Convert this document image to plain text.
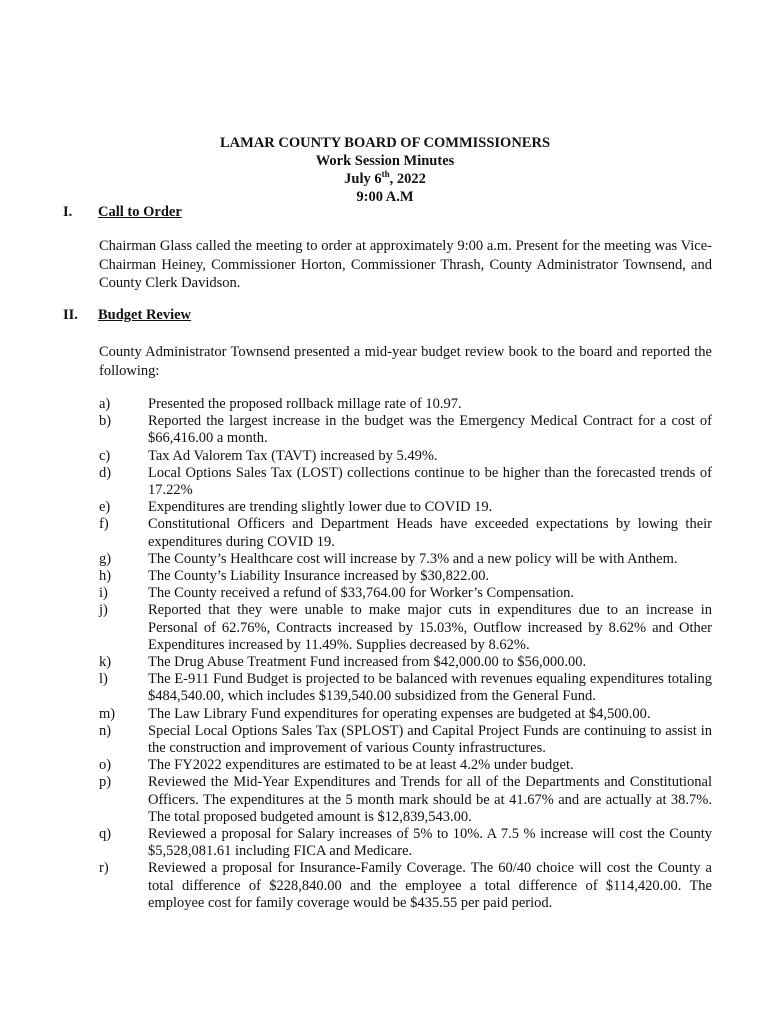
LAMAR COUNTY BOARD OF COMMISSIONERS
Work Session Minutes
July 6th, 2022
9:00 A.M
I. Call to Order
Chairman Glass called the meeting to order at approximately 9:00 a.m. Present for the meeting was Vice-Chairman Heiney, Commissioner Horton, Commissioner Thrash, County Administrator Townsend, and County Clerk Davidson.
II. Budget Review
County Administrator Townsend presented a mid-year budget review book to the board and reported the following:
a)	Presented the proposed rollback millage rate of 10.97.
b)	Reported the largest increase in the budget was the Emergency Medical Contract for a cost of $66,416.00 a month.
c)	Tax Ad Valorem Tax (TAVT) increased by 5.49%.
d)	Local Options Sales Tax (LOST) collections continue to be higher than the forecasted trends of 17.22%
e)	Expenditures are trending slightly lower due to COVID 19.
f)	Constitutional Officers and Department Heads have exceeded expectations by lowing their expenditures during COVID 19.
g)	The County’s Healthcare cost will increase by 7.3% and a new policy will be with Anthem.
h)	The County’s Liability Insurance increased by $30,822.00.
i)	The County received a refund of $33,764.00 for Worker’s Compensation.
j)	Reported that they were unable to make major cuts in expenditures due to an increase in Personal of 62.76%, Contracts increased by 15.03%, Outflow increased by 8.62% and Other Expenditures increased by 11.49%. Supplies decreased by 8.62%.
k)	The Drug Abuse Treatment Fund increased from $42,000.00 to $56,000.00.
l)	The E-911 Fund Budget is projected to be balanced with revenues equaling expenditures totaling $484,540.00, which includes $139,540.00 subsidized from the General Fund.
m) The Law Library Fund expenditures for operating expenses are budgeted at $4,500.00.
n)	Special Local Options Sales Tax (SPLOST) and Capital Project Funds are continuing to assist in the construction and improvement of various County infrastructures.
o)	The FY2022 expenditures are estimated to be at least 4.2% under budget.
p)	Reviewed the Mid-Year Expenditures and Trends for all of the Departments and Constitutional Officers. The expenditures at the 5 month mark should be at 41.67% and are actually at 38.7%. The total proposed budgeted amount is $12,839,543.00.
q)	Reviewed a proposal for Salary increases of 5% to 10%. A 7.5 % increase will cost the County $5,528,081.61 including FICA and Medicare.
r)	Reviewed a proposal for Insurance-Family Coverage. The 60/40 choice will cost the County a total difference of $228,840.00 and the employee a total difference of $114,420.00. The employee cost for family coverage would be $435.55 per paid period.
